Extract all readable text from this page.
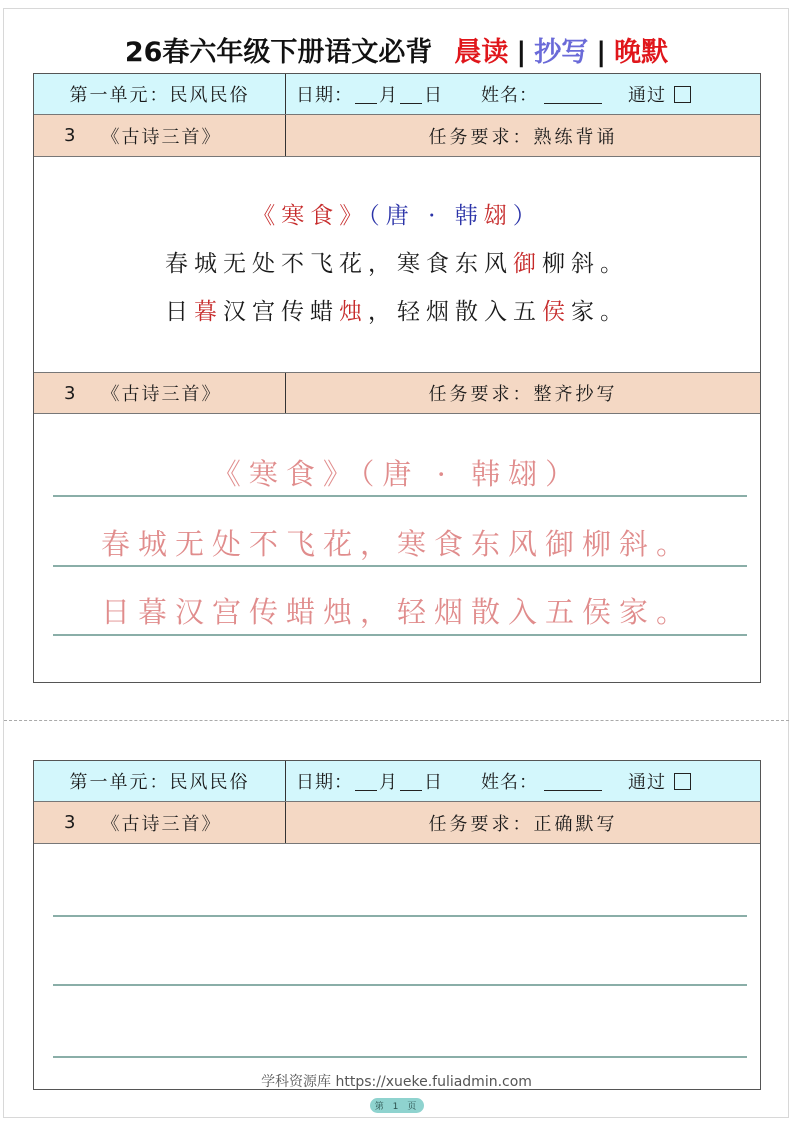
26春六年级下册语文必背 晨读 | 抄写 | 晚默
第一单元：民风民俗	日期： 月 日 姓名：	通过
3 《古诗三首》	任务要求：熟练背诵
《寒食》（唐 · 韩翃）
春城无处不飞花，寒食东风御柳斜。
日暮汉宫传蜡烛，轻烟散入五侯家。
3 《古诗三首》	任务要求：整齐抄写
《寒食》（唐 · 韩翃）
春城无处不飞花，寒食东风御柳斜。
日暮汉宫传蜡烛，轻烟散入五侯家。
第一单元：民风民俗	日期： 月 日 姓名：	通过
3 《古诗三首》	任务要求：正确默写
学科资源库 https://xueke.fuliadmin.com
第 1 页
